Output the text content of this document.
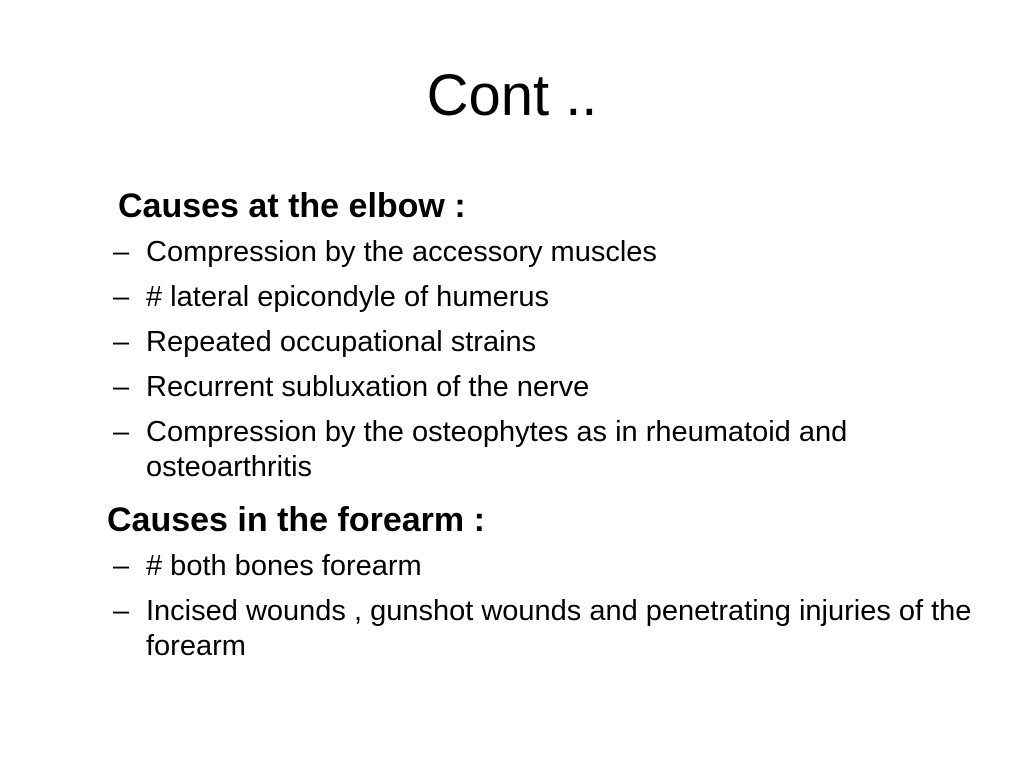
Cont ..
Causes at the elbow :
– Compression by the accessory muscles
– # lateral epicondyle of humerus
– Repeated occupational strains
– Recurrent subluxation of the nerve
– Compression by the osteophytes as in rheumatoid and osteoarthritis
Causes in the forearm :
– # both bones forearm
– Incised wounds , gunshot wounds and penetrating injuries of the forearm
